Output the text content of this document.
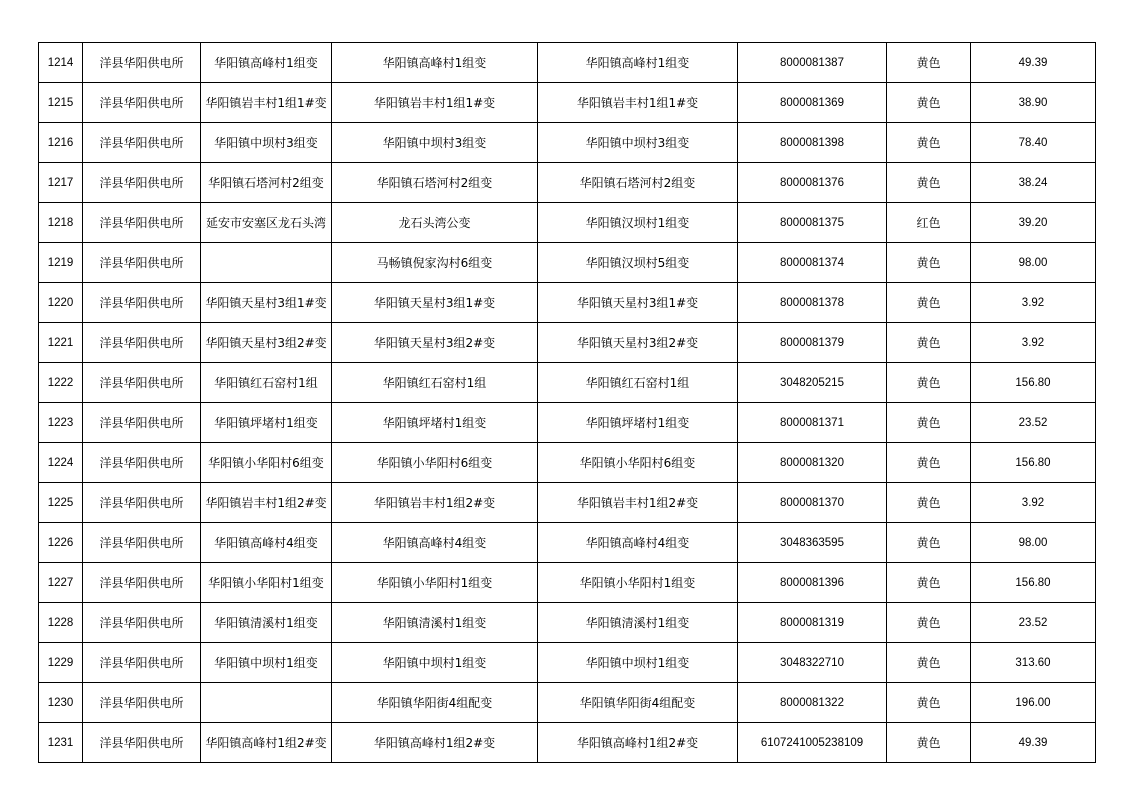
1214	洋县华阳供电所	华阳镇高峰村1组变	华阳镇高峰村1组变	华阳镇高峰村1组变	8000081387	黄色	49.39
1215	洋县华阳供电所	华阳镇岩丰村1组1#变	华阳镇岩丰村1组1#变	华阳镇岩丰村1组1#变	8000081369	黄色	38.90
1216	洋县华阳供电所	华阳镇中坝村3组变	华阳镇中坝村3组变	华阳镇中坝村3组变	8000081398	黄色	78.40
1217	洋县华阳供电所	华阳镇石塔河村2组变	华阳镇石塔河村2组变	华阳镇石塔河村2组变	8000081376	黄色	38.24
1218	洋县华阳供电所	延安市安塞区龙石头湾	龙石头湾公变	华阳镇汉坝村1组变	8000081375	红色	39.20
1219	洋县华阳供电所		马畅镇倪家沟村6组变	华阳镇汉坝村5组变	8000081374	黄色	98.00
1220	洋县华阳供电所	华阳镇天星村3组1#变	华阳镇天星村3组1#变	华阳镇天星村3组1#变	8000081378	黄色	3.92
1221	洋县华阳供电所	华阳镇天星村3组2#变	华阳镇天星村3组2#变	华阳镇天星村3组2#变	8000081379	黄色	3.92
1222	洋县华阳供电所	华阳镇红石窑村1组	华阳镇红石窑村1组	华阳镇红石窑村1组	3048205215	黄色	156.80
1223	洋县华阳供电所	华阳镇坪堵村1组变	华阳镇坪堵村1组变	华阳镇坪堵村1组变	8000081371	黄色	23.52
1224	洋县华阳供电所	华阳镇小华阳村6组变	华阳镇小华阳村6组变	华阳镇小华阳村6组变	8000081320	黄色	156.80
1225	洋县华阳供电所	华阳镇岩丰村1组2#变	华阳镇岩丰村1组2#变	华阳镇岩丰村1组2#变	8000081370	黄色	3.92
1226	洋县华阳供电所	华阳镇高峰村4组变	华阳镇高峰村4组变	华阳镇高峰村4组变	3048363595	黄色	98.00
1227	洋县华阳供电所	华阳镇小华阳村1组变	华阳镇小华阳村1组变	华阳镇小华阳村1组变	8000081396	黄色	156.80
1228	洋县华阳供电所	华阳镇清溪村1组变	华阳镇清溪村1组变	华阳镇清溪村1组变	8000081319	黄色	23.52
1229	洋县华阳供电所	华阳镇中坝村1组变	华阳镇中坝村1组变	华阳镇中坝村1组变	3048322710	黄色	313.60
1230	洋县华阳供电所		华阳镇华阳街4组配变	华阳镇华阳街4组配变	8000081322	黄色	196.00
1231	洋县华阳供电所	华阳镇高峰村1组2#变	华阳镇高峰村1组2#变	华阳镇高峰村1组2#变	6107241005238109	黄色	49.39
